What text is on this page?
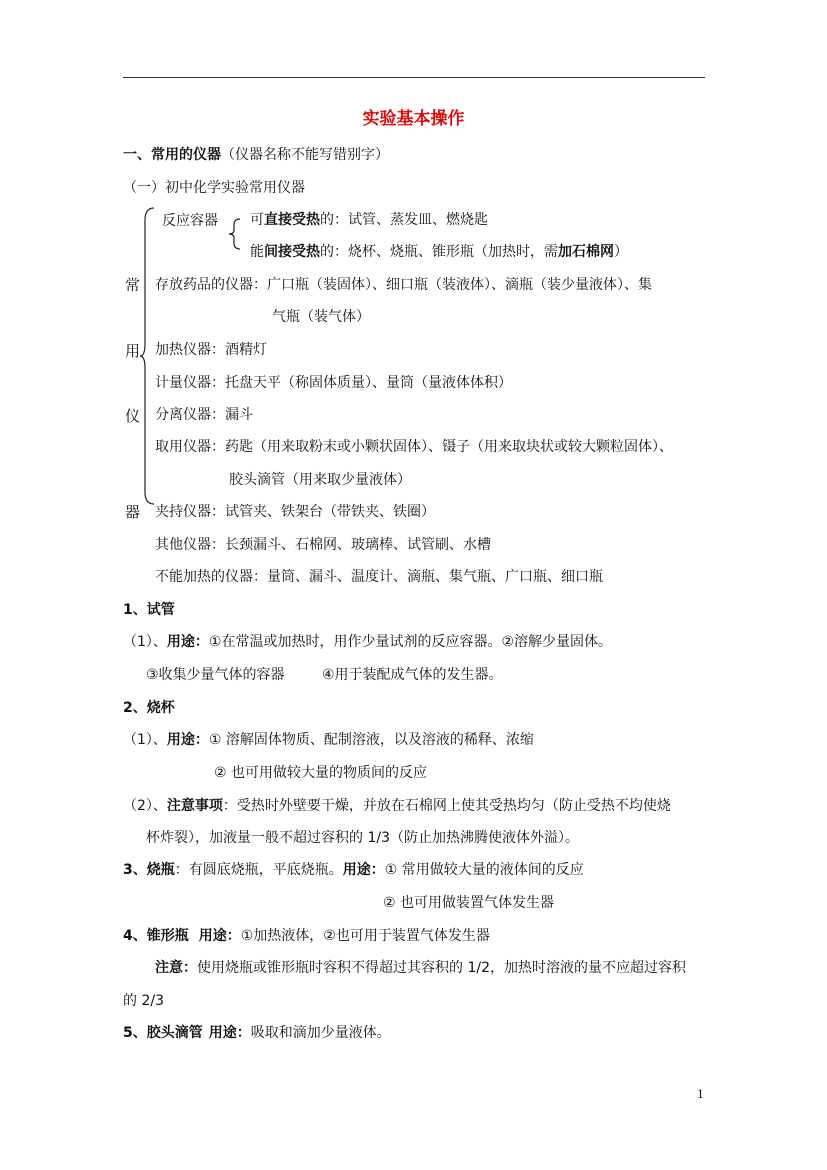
实验基本操作
一、常用的仪器（仪器名称不能写错别字）
（一）初中化学实验常用仪器
常
用
仪
器
反应容器 可直接受热的：试管、蒸发皿、燃烧匙
能间接受热的：烧杯、烧瓶、锥形瓶（加热时，需加石棉网）
存放药品的仪器：广口瓶（装固体）、细口瓶（装液体）、滴瓶（装少量液体）、集
气瓶（装气体）
加热仪器：酒精灯
计量仪器：托盘天平（称固体质量）、量筒（量液体体积）
分离仪器：漏斗
取用仪器：药匙（用来取粉末或小颗状固体）、镊子（用来取块状或较大颗粒固体）、
胶头滴管（用来取少量液体）
夹持仪器：试管夹、铁架台（带铁夹、铁圈）
其他仪器：长颈漏斗、石棉网、玻璃棒、试管刷、水槽
不能加热的仪器：量筒、漏斗、温度计、滴瓶、集气瓶、广口瓶、细口瓶
1、试管
（1）、用途：①在常温或加热时，用作少量试剂的反应容器。②溶解少量固体。
③收集少量气体的容器	④用于装配成气体的发生器。
2、烧杯
（1）、用途：① 溶解固体物质、配制溶液，以及溶液的稀释、浓缩
② 也可用做较大量的物质间的反应
（2）、注意事项：受热时外壁要干燥，并放在石棉网上使其受热均匀（防止受热不均使烧
杯炸裂），加液量一般不超过容积的 1/3（防止加热沸腾使液体外溢）。
3、烧瓶：有圆底烧瓶，平底烧瓶。用途：① 常用做较大量的液体间的反应
② 也可用做装置气体发生器
4、锥形瓶 用途：①加热液体，②也可用于装置气体发生器
注意：使用烧瓶或锥形瓶时容积不得超过其容积的 1/2，加热时溶液的量不应超过容积
的 2/3
5、胶头滴管 用途：吸取和滴加少量液体。
1
